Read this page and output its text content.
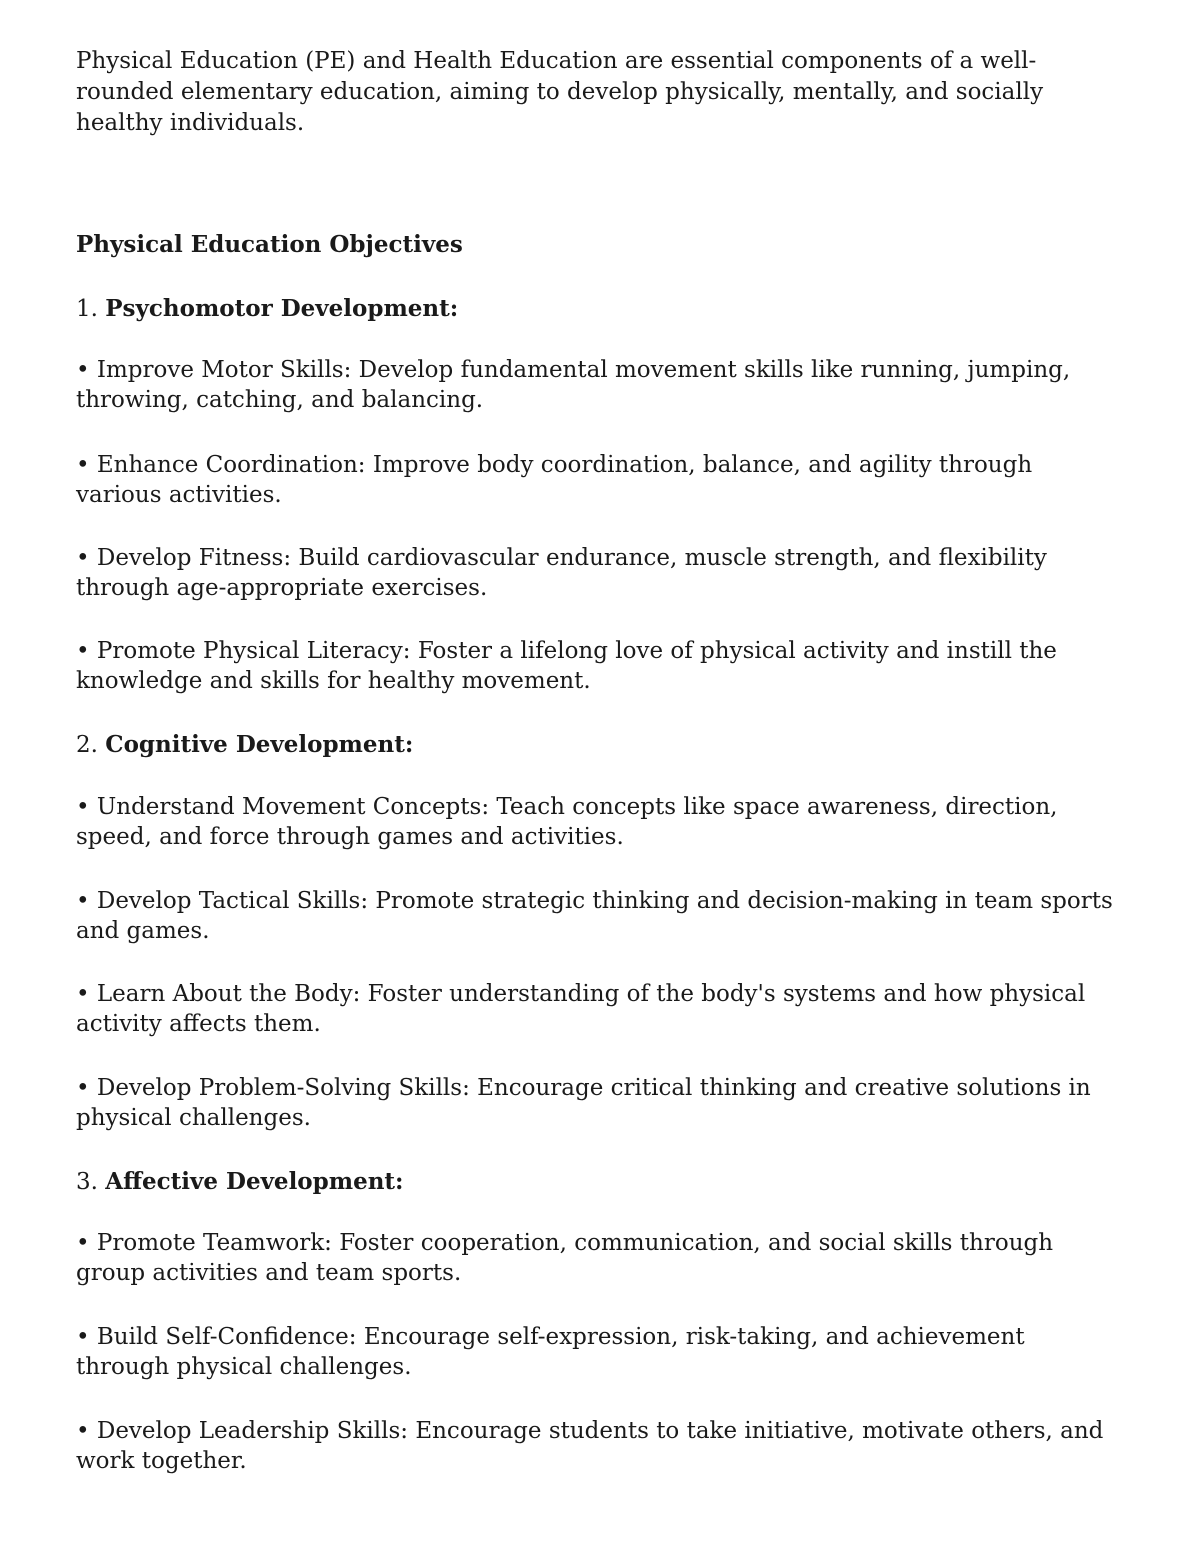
Physical Education (PE) and Health Education are essential components of a well-rounded elementary education, aiming to develop physically, mentally, and socially healthy individuals.

Physical Education Objectives

1. Psychomotor Development:

• Improve Motor Skills: Develop fundamental movement skills like running, jumping, throwing, catching, and balancing.

• Enhance Coordination: Improve body coordination, balance, and agility through various activities.

• Develop Fitness: Build cardiovascular endurance, muscle strength, and flexibility through age-appropriate exercises.

• Promote Physical Literacy: Foster a lifelong love of physical activity and instill the knowledge and skills for healthy movement.

2. Cognitive Development:

• Understand Movement Concepts: Teach concepts like space awareness, direction, speed, and force through games and activities.

• Develop Tactical Skills: Promote strategic thinking and decision-making in team sports and games.

• Learn About the Body: Foster understanding of the body's systems and how physical activity affects them.

• Develop Problem-Solving Skills: Encourage critical thinking and creative solutions in physical challenges.

3. Affective Development:

• Promote Teamwork: Foster cooperation, communication, and social skills through group activities and team sports.

• Build Self-Confidence: Encourage self-expression, risk-taking, and achievement through physical challenges.

• Develop Leadership Skills: Encourage students to take initiative, motivate others, and work together.
